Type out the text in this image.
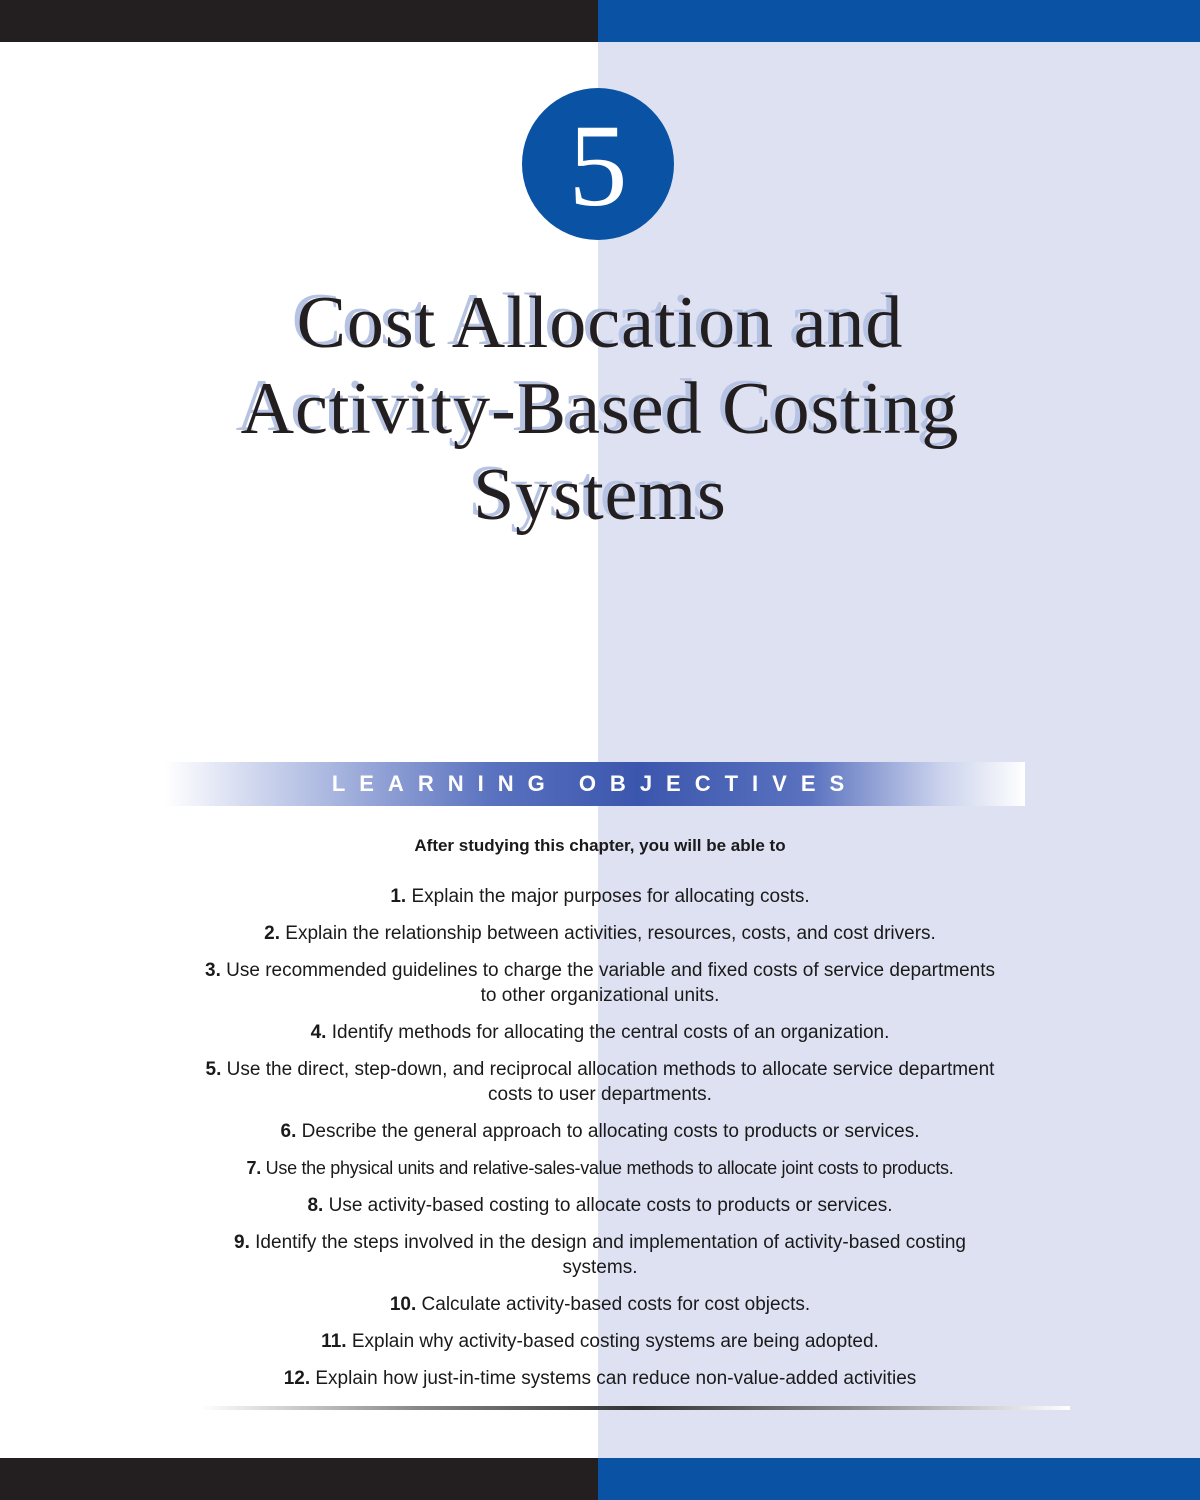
5
Cost Allocation and
Activity-Based Costing
Systems
LEARNING OBJECTIVES
After studying this chapter, you will be able to
1. Explain the major purposes for allocating costs.
2. Explain the relationship between activities, resources, costs, and cost drivers.
3. Use recommended guidelines to charge the variable and fixed costs of service departments to other organizational units.
4. Identify methods for allocating the central costs of an organization.
5. Use the direct, step-down, and reciprocal allocation methods to allocate service department costs to user departments.
6. Describe the general approach to allocating costs to products or services.
7. Use the physical units and relative-sales-value methods to allocate joint costs to products.
8. Use activity-based costing to allocate costs to products or services.
9. Identify the steps involved in the design and implementation of activity-based costing systems.
10. Calculate activity-based costs for cost objects.
11. Explain why activity-based costing systems are being adopted.
12. Explain how just-in-time systems can reduce non-value-added activities
